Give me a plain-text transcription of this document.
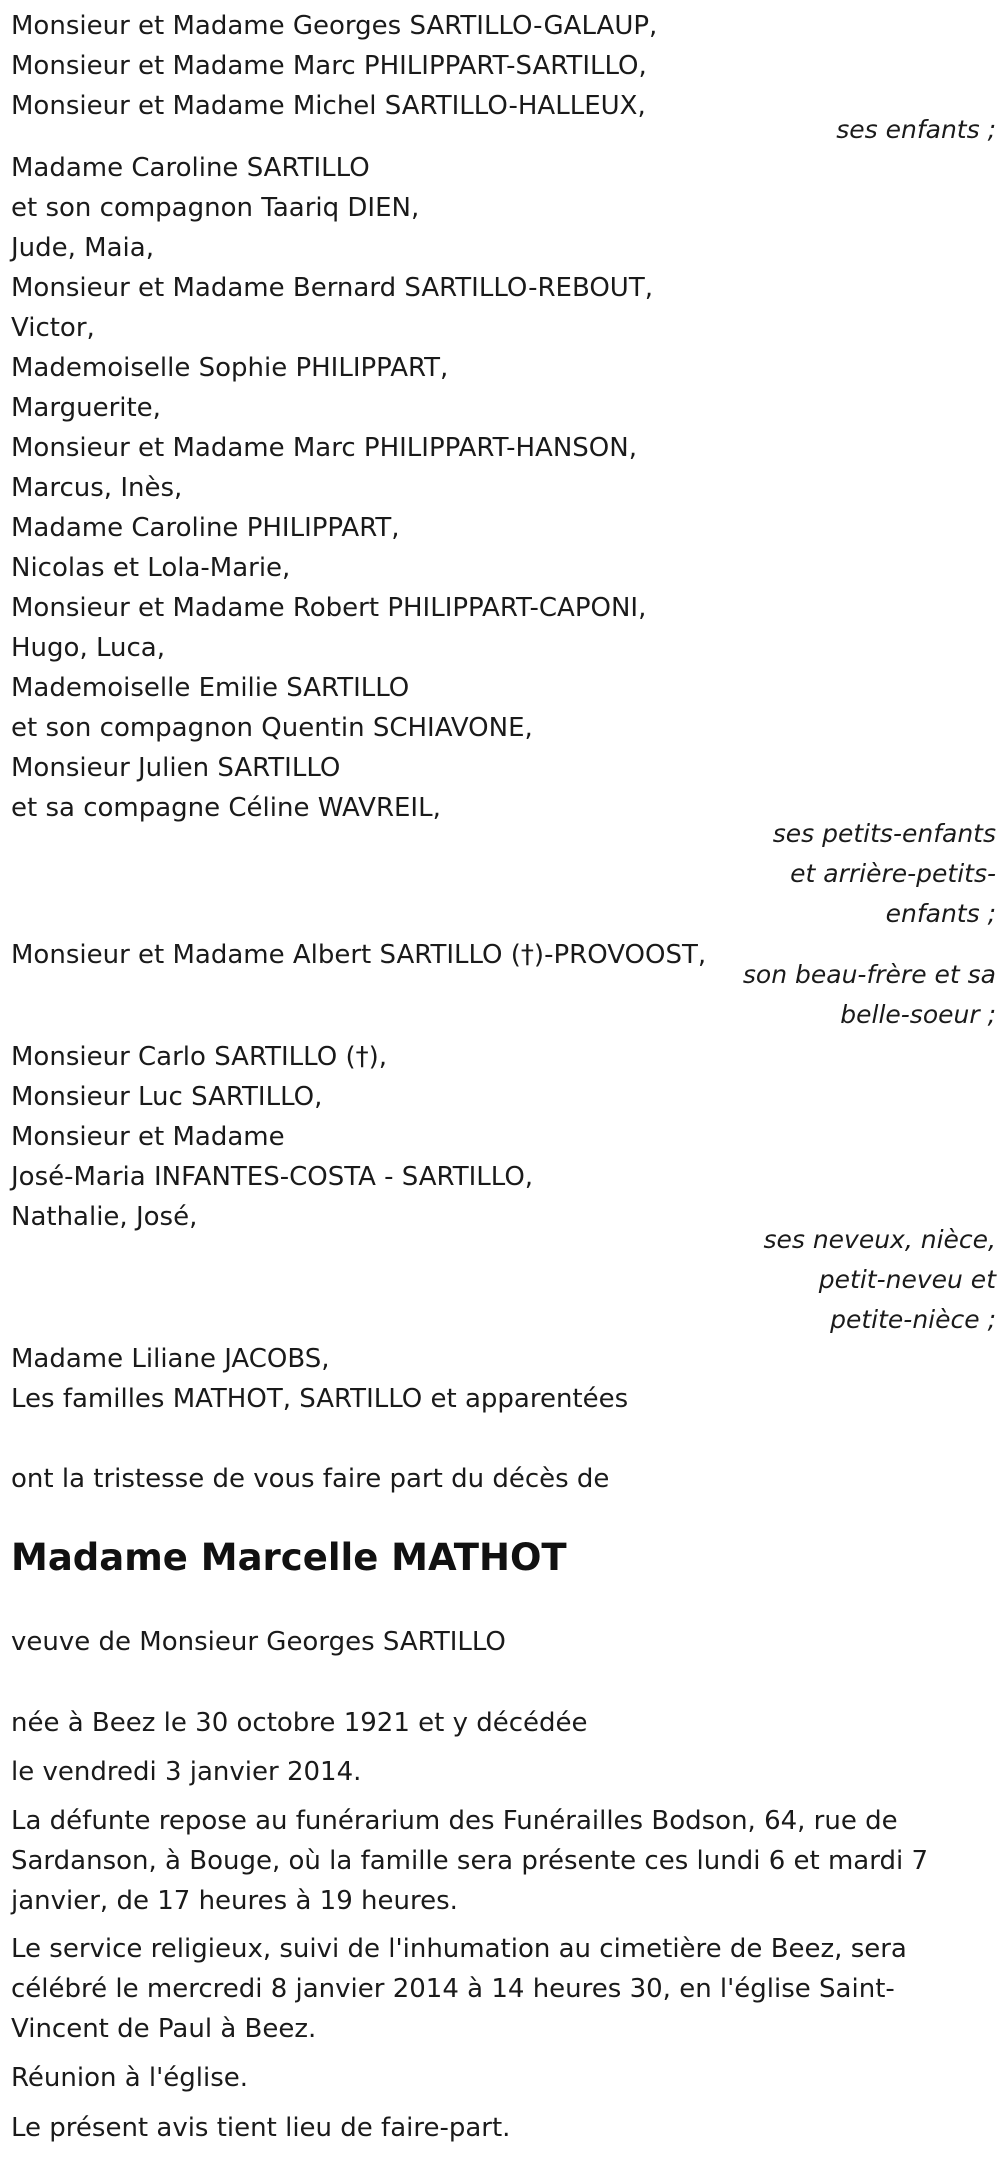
Monsieur et Madame Georges SARTILLO-GALAUP,
Monsieur et Madame Marc PHILIPPART-SARTILLO,
Monsieur et Madame Michel SARTILLO-HALLEUX,
ses enfants ;
Madame Caroline SARTILLO
et son compagnon Taariq DIEN,
Jude, Maia,
Monsieur et Madame Bernard SARTILLO-REBOUT,
Victor,
Mademoiselle Sophie PHILIPPART,
Marguerite,
Monsieur et Madame Marc PHILIPPART-HANSON,
Marcus, Inès,
Madame Caroline PHILIPPART,
Nicolas et Lola-Marie,
Monsieur et Madame Robert PHILIPPART-CAPONI,
Hugo, Luca,
Mademoiselle Emilie SARTILLO
et son compagnon Quentin SCHIAVONE,
Monsieur Julien SARTILLO
et sa compagne Céline WAVREIL,
ses petits-enfants
et arrière-petits-
enfants ;
Monsieur et Madame Albert SARTILLO (†)-PROVOOST,
son beau-frère et sa
belle-soeur ;
Monsieur Carlo SARTILLO (†),
Monsieur Luc SARTILLO,
Monsieur et Madame
José-Maria INFANTES-COSTA - SARTILLO,
Nathalie, José,
ses neveux, nièce,
petit-neveu et
petite-nièce ;
Madame Liliane JACOBS,
Les familles MATHOT, SARTILLO et apparentées
ont la tristesse de vous faire part du décès de
Madame Marcelle MATHOT
veuve de Monsieur Georges SARTILLO
née à Beez le 30 octobre 1921 et y décédée
le vendredi 3 janvier 2014.
La défunte repose au funérarium des Funérailles Bodson, 64, rue de Sardanson, à Bouge, où la famille sera présente ces lundi 6 et mardi 7 janvier, de 17 heures à 19 heures.
Le service religieux, suivi de l'inhumation au cimetière de Beez, sera célébré le mercredi 8 janvier 2014 à 14 heures 30, en l'église Saint-Vincent de Paul à Beez.
Réunion à l'église.
Le présent avis tient lieu de faire-part.
